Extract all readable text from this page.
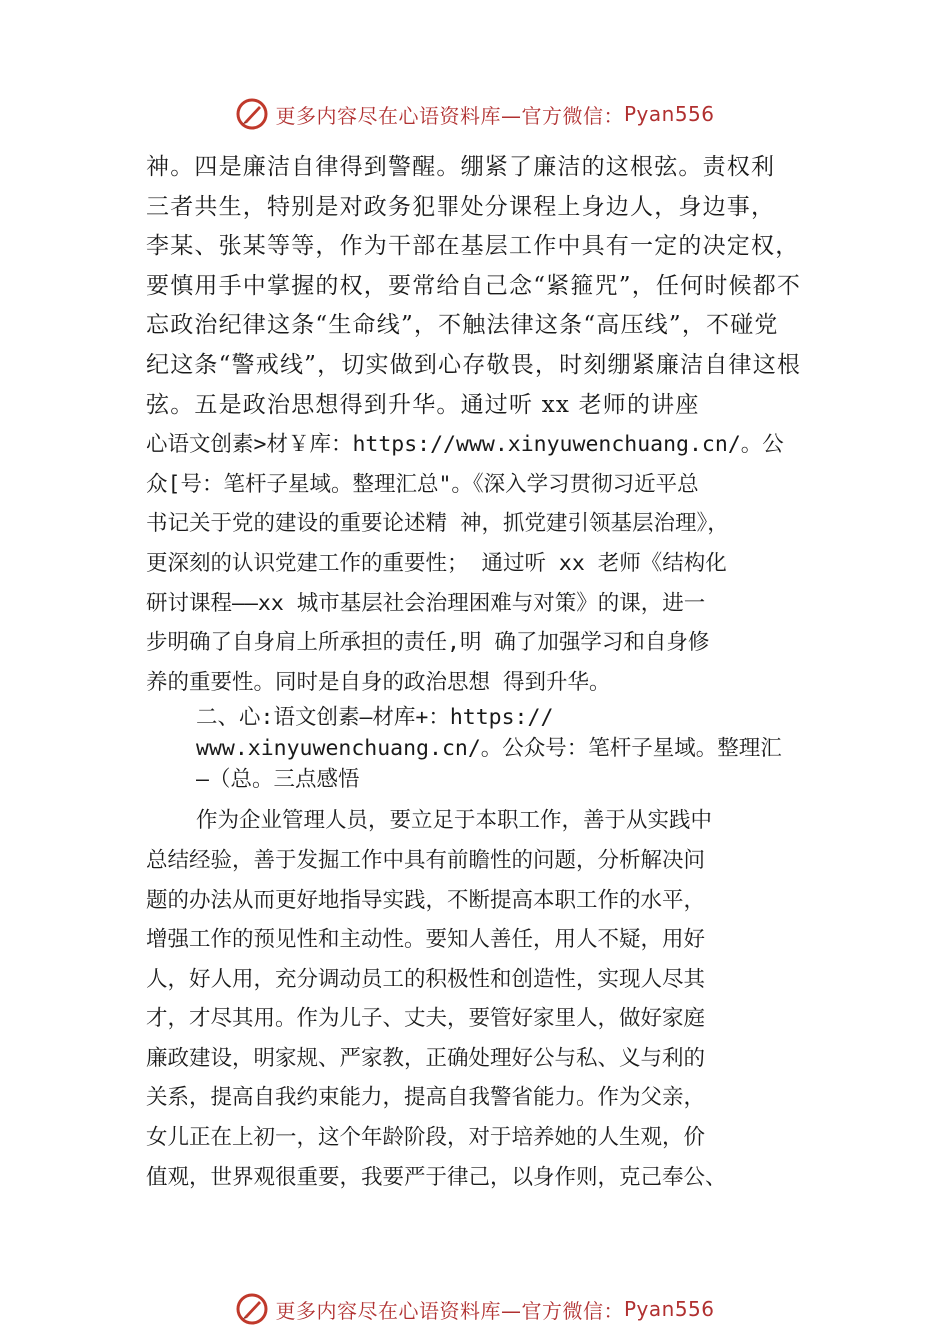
更多内容尽在心语资料库—官方微信： Pyan556
神。四是廉洁自律得到警醒。绷紧了廉洁的这根弦。责权利
三者共生，特别是对政务犯罪处分课程上身边人，身边事，
李某、张某等等，作为干部在基层工作中具有一定的决定权，
要慎用手中掌握的权，要常给自己念“紧箍咒”，任何时候都不
忘政治纪律这条“生命线”，不触法律这条“高压线”，不碰党
纪这条“警戒线”，切实做到心存敬畏，时刻绷紧廉洁自律这根
弦。五是政治思想得到升华。通过听 xx 老师的讲座
心语文创素>材￥库：https://www.xinyuwenchuang.cn/。公
众[号：笔杆子星域。整理汇总"。《深入学习贯彻习近平总
书记关于党的建设的重要论述精 神，抓党建引领基层治理》，
更深刻的认识党建工作的重要性； 通过听 xx 老师《结构化
研讨课程——xx 城市基层社会治理困难与对策》的课，进一
步明确了自身肩上所承担的责任,明 确了加强学习和自身修
养的重要性。同时是自身的政治思想 得到升华。
二、心:语文创素—材库+：https://
www.xinyuwenchuang.cn/。公众号：笔杆子星域。整理汇
—（总。三点感悟
作为企业管理人员，要立足于本职工作，善于从实践中
总结经验，善于发掘工作中具有前瞻性的问题，分析解决问
题的办法从而更好地指导实践，不断提高本职工作的水平，
增强工作的预见性和主动性。要知人善任，用人不疑，用好
人，好人用，充分调动员工的积极性和创造性，实现人尽其
才，才尽其用。作为儿子、丈夫，要管好家里人，做好家庭
廉政建设，明家规、严家教，正确处理好公与私、义与利的
关系，提高自我约束能力，提高自我警省能力。作为父亲，
女儿正在上初一，这个年龄阶段，对于培养她的人生观，价
值观，世界观很重要，我要严于律己，以身作则，克己奉公、
更多内容尽在心语资料库—官方微信： Pyan556
